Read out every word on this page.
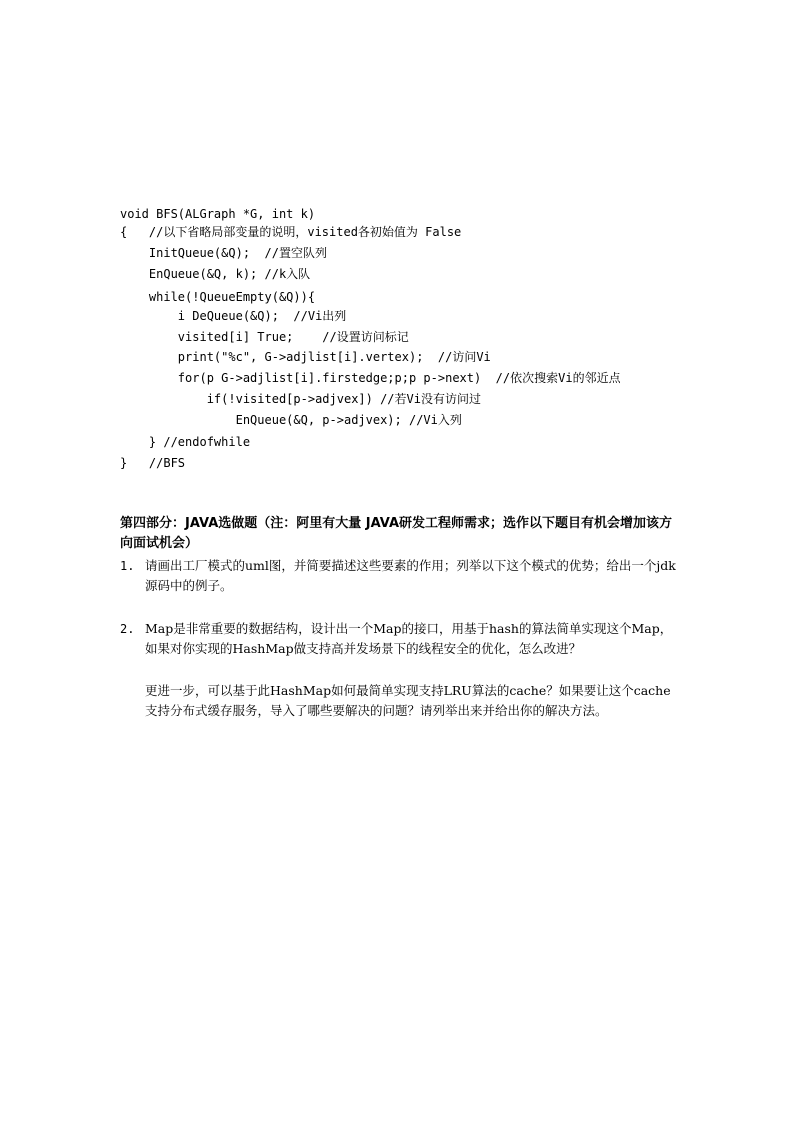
void BFS(ALGraph *G, int k)
{   //以下省略局部变量的说明，visited各初始值为 False
InitQueue(&Q);  //置空队列
EnQueue(&Q, k); //k入队
while(!QueueEmpty(&Q)){
i DeQueue(&Q);  //Vi出列
visited[i] True;    //设置访问标记
print("%c", G->adjlist[i].vertex);  //访问Vi
for(p G->adjlist[i].firstedge;p;p p->next)  //依次搜索Vi的邻近点
if(!visited[p->adjvex]) //若Vi没有访问过
EnQueue(&Q, p->adjvex); //Vi入列
} //endofwhile
}   //BFS
第四部分：JAVA选做题（注：阿里有大量 JAVA研发工程师需求；选作以下题目有机会增加该方向面试机会）
1. 请画出工厂模式的uml图，并简要描述这些要素的作用；列举以下这个模式的优势；给出一个jdk源码中的例子。
2. Map是非常重要的数据结构，设计出一个Map的接口，用基于hash的算法简单实现这个Map，如果对你实现的HashMap做支持高并发场景下的线程安全的优化，怎么改进？
更进一步，可以基于此HashMap如何最简单实现支持LRU算法的cache？如果要让这个cache支持分布式缓存服务，导入了哪些要解决的问题？请列举出来并给出你的解决方法。
